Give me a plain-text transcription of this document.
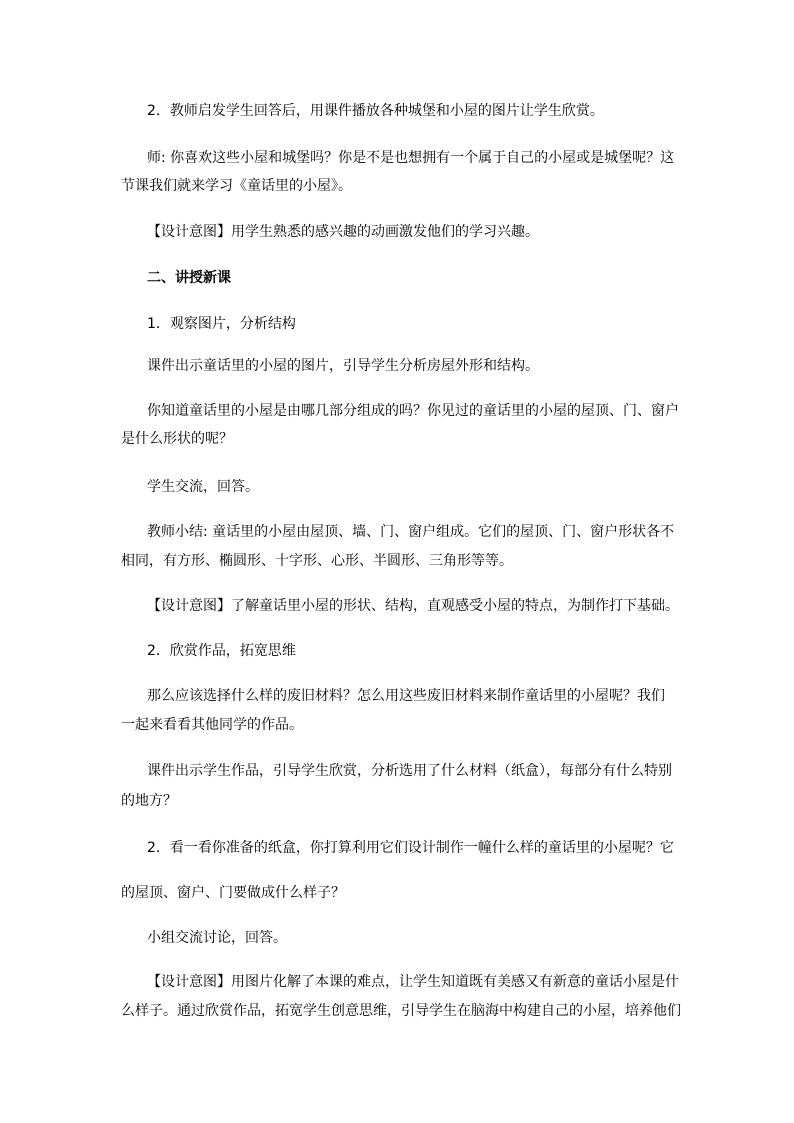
2．教师启发学生回答后，用课件播放各种城堡和小屋的图片让学生欣赏。

师: 你喜欢这些小屋和城堡吗？你是不是也想拥有一个属于自己的小屋或是城堡呢？这

节课我们就来学习《童话里的小屋》。

【设计意图】用学生熟悉的感兴趣的动画激发他们的学习兴趣。

二、讲授新课

1．观察图片，分析结构

课件出示童话里的小屋的图片，引导学生分析房屋外形和结构。

你知道童话里的小屋是由哪几部分组成的吗？你见过的童话里的小屋的屋顶、门、窗户

是什么形状的呢？

学生交流，回答。

教师小结: 童话里的小屋由屋顶、墙、门、窗户组成。它们的屋顶、门、窗户形状各不

相同，有方形、椭圆形、十字形、心形、半圆形、三角形等等。

【设计意图】了解童话里小屋的形状、结构，直观感受小屋的特点，为制作打下基础。

2．欣赏作品，拓宽思维

那么应该选择什么样的废旧材料？怎么用这些废旧材料来制作童话里的小屋呢？我们

一起来看看其他同学的作品。

课件出示学生作品，引导学生欣赏，分析选用了什么材料（纸盒），每部分有什么特别

的地方？

2．看一看你准备的纸盒，你打算利用它们设计制作一幢什么样的童话里的小屋呢？它

的屋顶、窗户、门要做成什么样子？

小组交流讨论，回答。

【设计意图】用图片化解了本课的难点，让学生知道既有美感又有新意的童话小屋是什

么样子。通过欣赏作品，拓宽学生创意思维，引导学生在脑海中构建自己的小屋，培养他们
